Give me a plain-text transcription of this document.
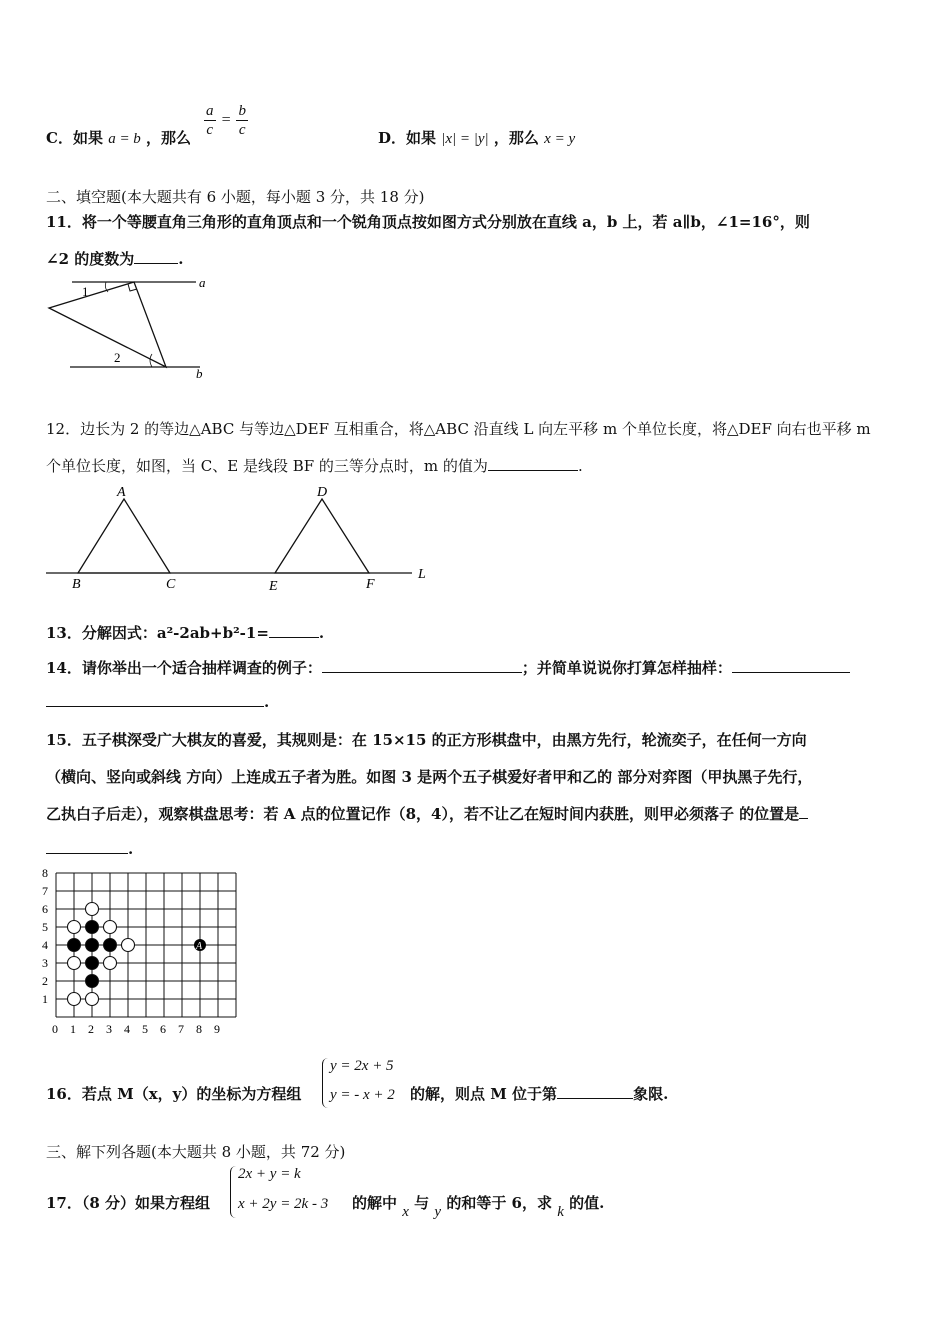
C．如果 a = b ，那么 $\frac{a}{c} = \frac{b}{c}$	D．如果 |x| = |y| ，那么 x = y
二、填空题(本大题共有 6 小题，每小题 3 分，共 18 分)
11．将一个等腰直角三角形的直角顶点和一个锐角顶点按如图方式分别放在直线 a，b 上，若 a∥b，∠1=16°，则
∠2 的度数为	.
a
b
1
2
12．边长为 2 的等边△ABC 与等边△DEF 互相重合，将△ABC 沿直线 L 向左平移 m 个单位长度，将△DEF 向右也平移 m
个单位长度，如图，当 C、E 是线段 BF 的三等分点时，m 的值为	.
A
B	C
D
E	F
L
13．分解因式：a²-2ab+b²-1=	.
14．请你举出一个适合抽样调查的例子：	；并简单说说你打算怎样抽样：
.
15．五子棋深受广大棋友的喜爱，其规则是：在 15×15 的正方形棋盘中，由黑方先行，轮流奕子，在任何一方向
（横向、竖向或斜线 方向）上连成五子者为胜。如图 3 是两个五子棋爱好者甲和乙的 部分对弈图（甲执黑子先行，
乙执白子后走），观察棋盘思考：若 A 点的位置记作（8，4），若不让乙在短时间内获胜，则甲必须落子 的位置是
.
0 1 2 3 4 5 6 7 8 9
1
2
3
4
5
6
7
8
A
16．若点 M（x，y）的坐标为方程组
y = 2x + 5
y = - x + 2 的解，则点 M 位于第	象限.
三、解下列各题(本大题共 8 小题，共 72 分)
17．（8 分）如果方程组
2x + y = k
x + 2y = 2k - 3 的解中 x 与 y 的和等于 6，求 k 的值.
